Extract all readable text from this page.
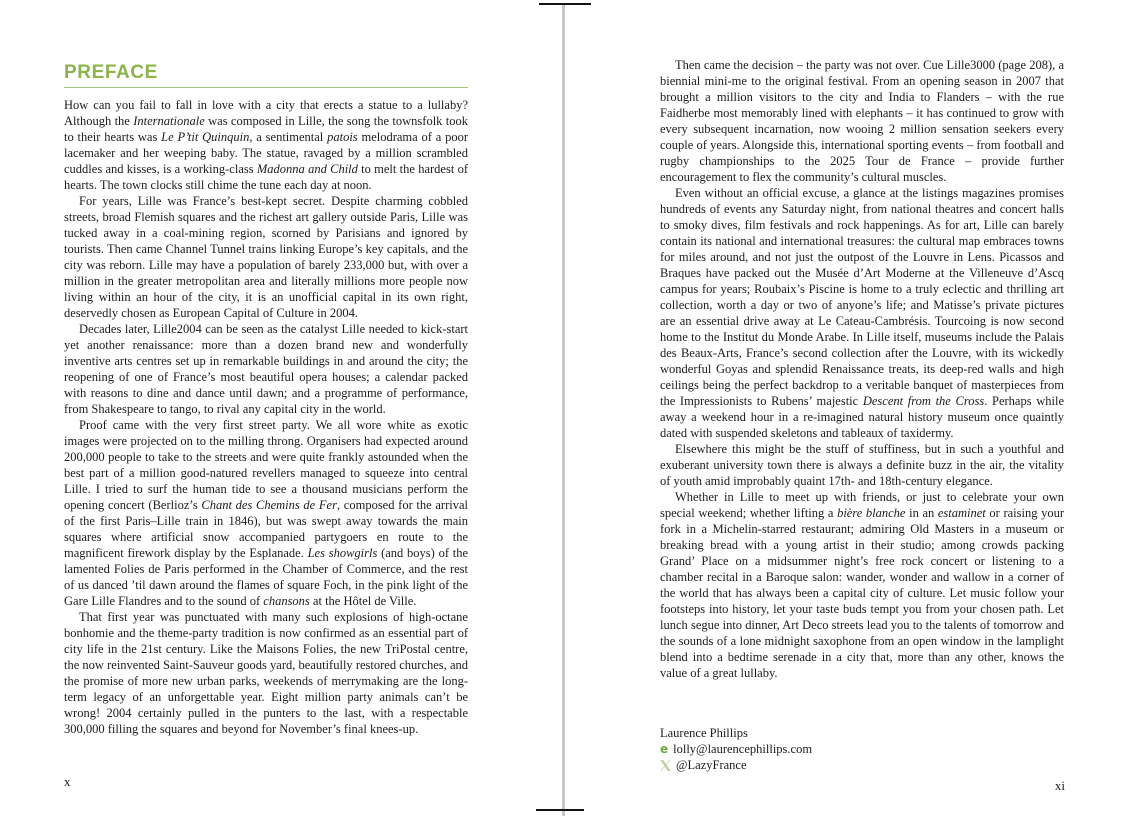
PREFACE

How can you fail to fall in love with a city that erects a statue to a lullaby? Although the Internationale was composed in Lille, the song the townsfolk took to their hearts was Le P’tit Quinquin, a sentimental patois melodrama of a poor lacemaker and her weeping baby. The statue, ravaged by a million scrambled cuddles and kisses, is a working-class Madonna and Child to melt the hardest of hearts. The town clocks still chime the tune each day at noon.

For years, Lille was France’s best-kept secret. Despite charming cobbled streets, broad Flemish squares and the richest art gallery outside Paris, Lille was tucked away in a coal-mining region, scorned by Parisians and ignored by tourists. Then came Channel Tunnel trains linking Europe’s key capitals, and the city was reborn. Lille may have a population of barely 233,000 but, with over a million in the greater metropolitan area and literally millions more people now living within an hour of the city, it is an unofficial capital in its own right, deservedly chosen as European Capital of Culture in 2004.

Decades later, Lille2004 can be seen as the catalyst Lille needed to kick-start yet another renaissance: more than a dozen brand new and wonderfully inventive arts centres set up in remarkable buildings in and around the city; the reopening of one of France’s most beautiful opera houses; a calendar packed with reasons to dine and dance until dawn; and a programme of performance, from Shakespeare to tango, to rival any capital city in the world.

Proof came with the very first street party. We all wore white as exotic images were projected on to the milling throng. Organisers had expected around 200,000 people to take to the streets and were quite frankly astounded when the best part of a million good-natured revellers managed to squeeze into central Lille. I tried to surf the human tide to see a thousand musicians perform the opening concert (Berlioz’s Chant des Chemins de Fer, composed for the arrival of the first Paris–Lille train in 1846), but was swept away towards the main squares where artificial snow accompanied partygoers en route to the magnificent firework display by the Esplanade. Les showgirls (and boys) of the lamented Folies de Paris performed in the Chamber of Commerce, and the rest of us danced ’til dawn around the flames of square Foch, in the pink light of the Gare Lille Flandres and to the sound of chansons at the Hôtel de Ville.

That first year was punctuated with many such explosions of high-octane bonhomie and the theme-party tradition is now confirmed as an essential part of city life in the 21st century. Like the Maisons Folies, the new TriPostal centre, the now reinvented Saint-Sauveur goods yard, beautifully restored churches, and the promise of more new urban parks, weekends of merrymaking are the long-term legacy of an unforgettable year. Eight million party animals can’t be wrong! 2004 certainly pulled in the punters to the last, with a respectable 300,000 filling the squares and beyond for November’s final knees-up.

Then came the decision – the party was not over. Cue Lille3000 (page 208), a biennial mini-me to the original festival. From an opening season in 2007 that brought a million visitors to the city and India to Flanders – with the rue Faidherbe most memorably lined with elephants – it has continued to grow with every subsequent incarnation, now wooing 2 million sensation seekers every couple of years. Alongside this, international sporting events – from football and rugby championships to the 2025 Tour de France – provide further encouragement to flex the community’s cultural muscles.

Even without an official excuse, a glance at the listings magazines promises hundreds of events any Saturday night, from national theatres and concert halls to smoky dives, film festivals and rock happenings. As for art, Lille can barely contain its national and international treasures: the cultural map embraces towns for miles around, and not just the outpost of the Louvre in Lens. Picassos and Braques have packed out the Musée d’Art Moderne at the Villeneuve d’Ascq campus for years; Roubaix’s Piscine is home to a truly eclectic and thrilling art collection, worth a day or two of anyone’s life; and Matisse’s private pictures are an essential drive away at Le Cateau-Cambrésis. Tourcoing is now second home to the Institut du Monde Arabe. In Lille itself, museums include the Palais des Beaux-Arts, France’s second collection after the Louvre, with its wickedly wonderful Goyas and splendid Renaissance treats, its deep-red walls and high ceilings being the perfect backdrop to a veritable banquet of masterpieces from the Impressionists to Rubens’ majestic Descent from the Cross. Perhaps while away a weekend hour in a re-imagined natural history museum once quaintly dated with suspended skeletons and tableaux of taxidermy.

Elsewhere this might be the stuff of stuffiness, but in such a youthful and exuberant university town there is always a definite buzz in the air, the vitality of youth amid improbably quaint 17th- and 18th-century elegance.

Whether in Lille to meet up with friends, or just to celebrate your own special weekend; whether lifting a bière blanche in an estaminet or raising your fork in a Michelin-starred restaurant; admiring Old Masters in a museum or breaking bread with a young artist in their studio; among crowds packing Grand’ Place on a midsummer night’s free rock concert or listening to a chamber recital in a Baroque salon: wander, wonder and wallow in a corner of the world that has always been a capital city of culture. Let music follow your footsteps into history, let your taste buds tempt you from your chosen path. Let lunch segue into dinner, Art Deco streets lead you to the talents of tomorrow and the sounds of a lone midnight saxophone from an open window in the lamplight blend into a bedtime serenade in a city that, more than any other, knows the value of a great lullaby.

Laurence Phillips
e lolly@laurencephillips.com
@LazyFrance
x	xi
